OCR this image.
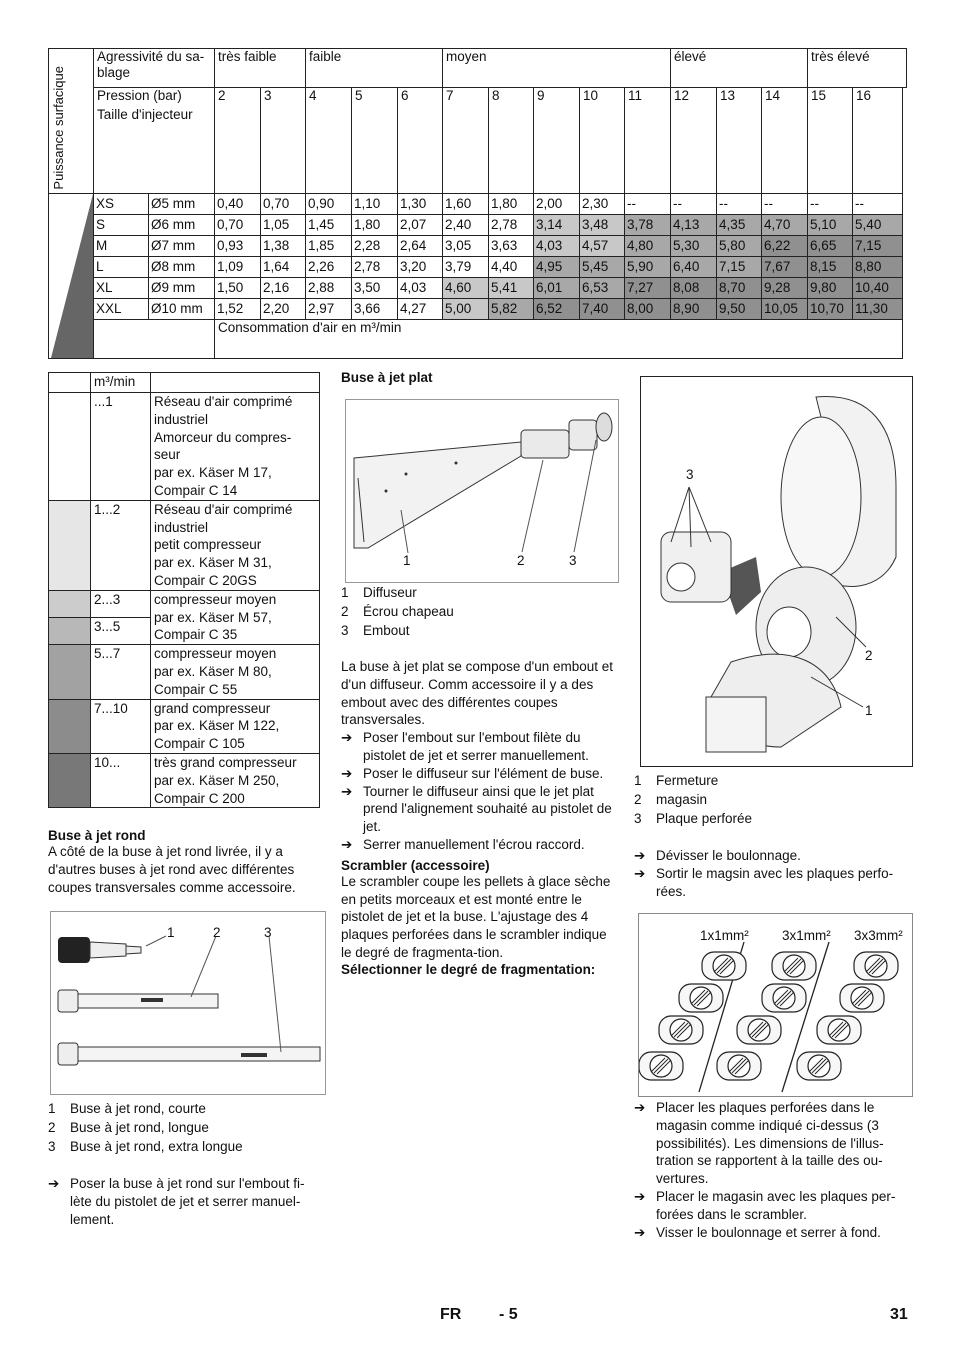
Puissance surfacique	Agressivité du sa-blage		très faible		faible			moyen					élevé			très élevé	
	Pression (bar)		2	3	4	5	6	7	8	9	10	11	12	13	14	15	16
	Taille d'injecteur																

	XS	Ø5 mm	0,40	0,70	0,90	1,10	1,30	1,60	1,80	2,00	2,30	--	--	--	--	--	--
	S	Ø6 mm	0,70	1,05	1,45	1,80	2,07	2,40	2,78	3,14	3,48	3,78	4,13	4,35	4,70	5,10	5,40
	M	Ø7 mm	0,93	1,38	1,85	2,28	2,64	3,05	3,63	4,03	4,57	4,80	5,30	5,80	6,22	6,65	7,15
	L	Ø8 mm	1,09	1,64	2,26	2,78	3,20	3,79	4,40	4,95	5,45	5,90	6,40	7,15	7,67	8,15	8,80
	XL	Ø9 mm	1,50	2,16	2,88	3,50	4,03	4,60	5,41	6,01	6,53	7,27	8,08	8,70	9,28	9,80	10,40
	XXL	Ø10 mm	1,52	2,20	2,97	3,66	4,27	5,00	5,82	6,52	7,40	8,00	8,90	9,50	10,05	10,70	11,30
			Consommation d'air en m³/min														
	m³/min	
	...1	Réseau d'air comprimé industriel
Amorceur du compres-seur
par ex. Käser M 17, Compair C 14
	1...2	Réseau d'air comprimé industriel
petit compresseur
par ex. Käser M 31, Compair C 20GS
	2...3	compresseur moyen
par ex. Käser M 57, Compair C 35
	3...5	
	5...7	compresseur moyen
par ex. Käser M 80, Compair C 55
	7...10	grand compresseur
par ex. Käser M 122, Compair C 105
	10...	très grand compresseur
par ex. Käser M 250, Compair C 200
Buse à jet rond

A côté de la buse à jet rond livrée, il y a d'autres buses à jet rond avec différentes coupes transversales comme accessoire.

1	2	3
1 Buse à jet rond, courte
2 Buse à jet rond, longue
3 Buse à jet rond, extra longue
➔ Poser la buse à jet rond sur l'embout fi-lète du pistolet de jet et serrer manuel-lement.
Buse à jet plat
1	2	3
1 Diffuseur
2 Écrou chapeau
3 Embout

La buse à jet plat se compose d'un embout et d'un diffuseur. Comm accessoire il y a des embout avec des différentes coupes transversales.

➔ Poser l'embout sur l'embout filète du pistolet de jet et serrer manuellement.
➔ Poser le diffuseur sur l'élément de buse.
➔ Tourner le diffuseur ainsi que le jet plat prend l'alignement souhaité au pistolet de jet.
➔ Serrer manuellement l'écrou raccord.
Scrambler (accessoire)

Le scrambler coupe les pellets à glace sèche en petits morceaux et est monté entre le pistolet de jet et la buse. L'ajustage des 4 plaques perforées dans le scrambler indique le degré de fragmenta-tion.

Sélectionner le degré de fragmentation:
3
2
1
1 Fermeture
2 magasin
3 Plaque perforée
➔ Dévisser le boulonnage.
➔ Sortir le magsin avec les plaques perfo-rées.
1x1mm² 3x1mm² 3x3mm²
➔ Placer les plaques perforées dans le magasin comme indiqué ci-dessus (3 possibilités). Les dimensions de l'illus-tration se rapportent à la taille des ou-vertures.
➔ Placer le magasin avec les plaques per-forées dans le scrambler.
➔ Visser le boulonnage et serrer à fond.
FR - 5	31
